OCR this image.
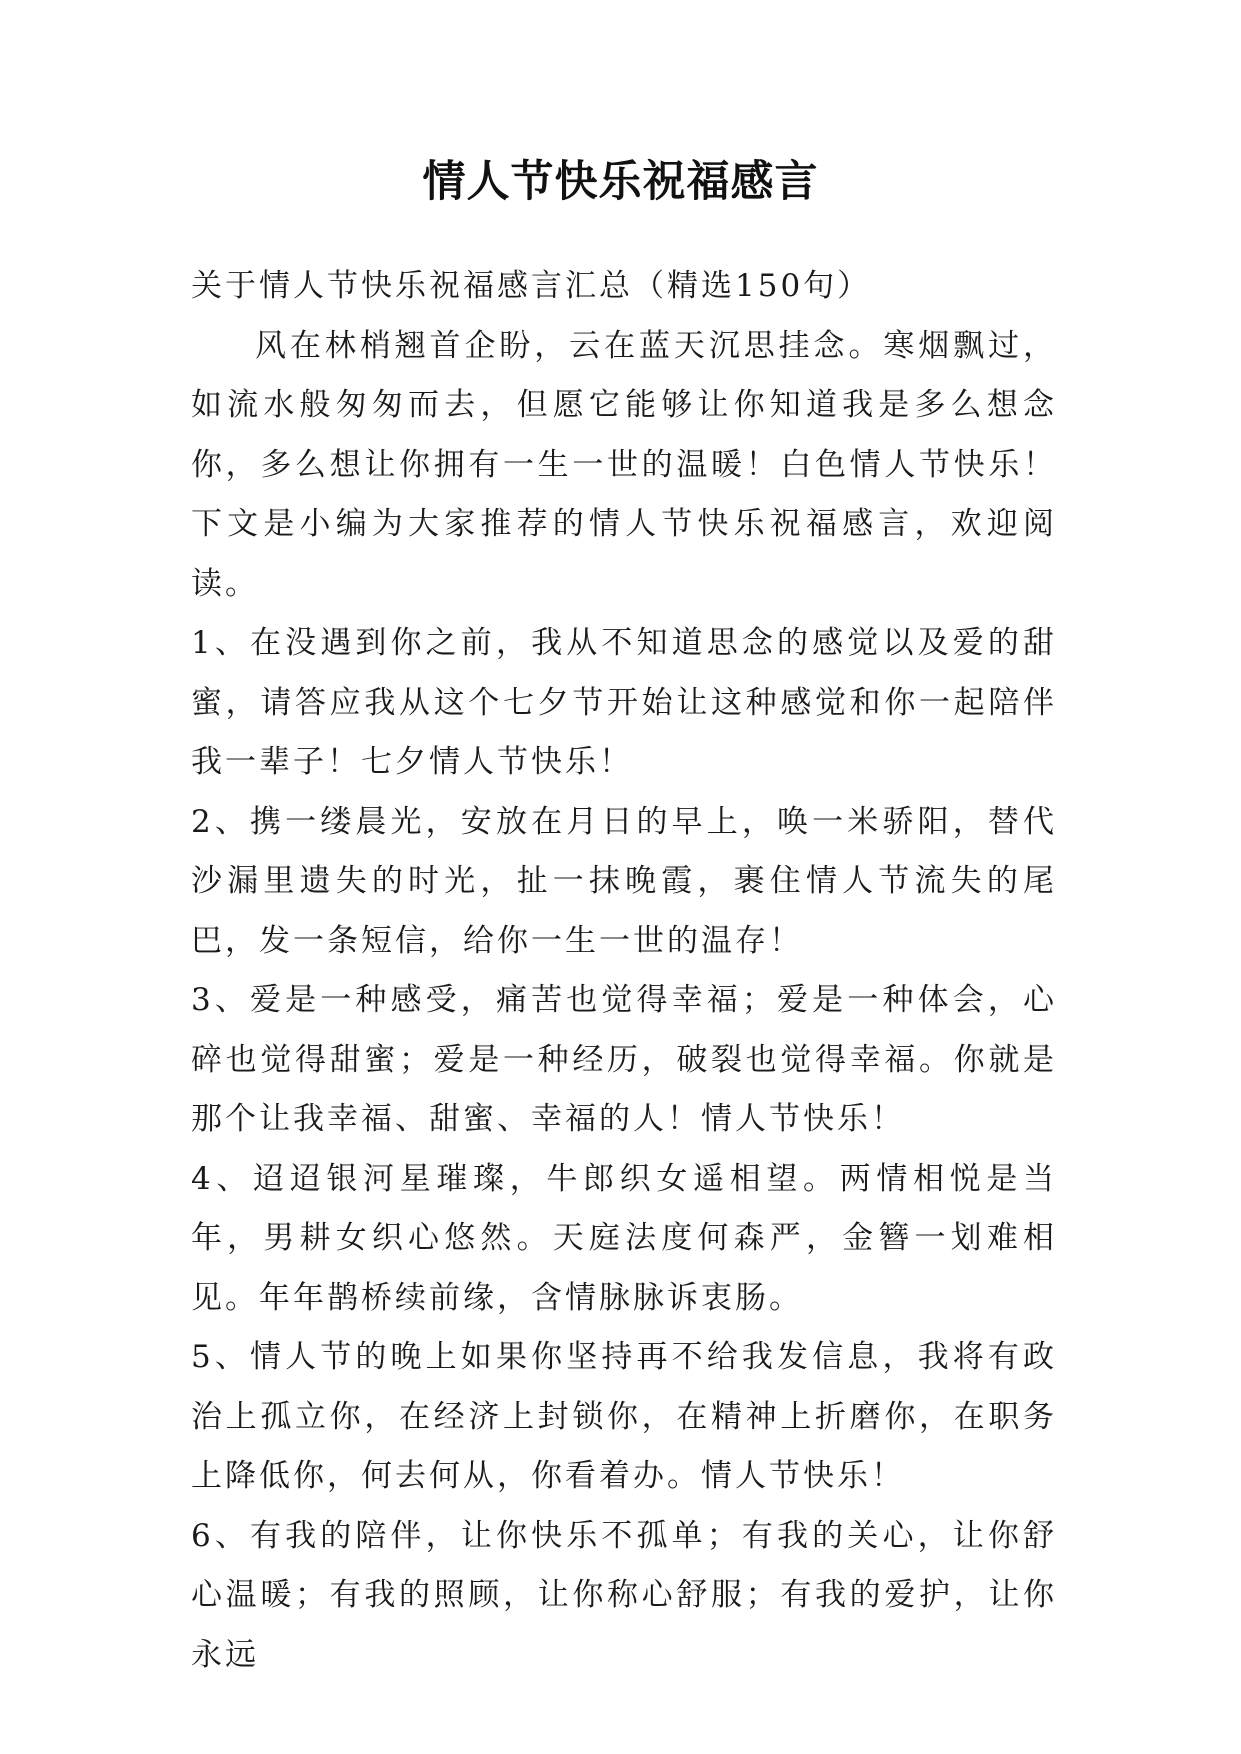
情人节快乐祝福感言

关于情人节快乐祝福感言汇总（精选150句）

风在林梢翘首企盼，云在蓝天沉思挂念。寒烟飘过，如流水般匆匆而去，但愿它能够让你知道我是多么想念你，多么想让你拥有一生一世的温暖！白色情人节快乐！下文是小编为大家推荐的情人节快乐祝福感言，欢迎阅读。

1、在没遇到你之前，我从不知道思念的感觉以及爱的甜蜜，请答应我从这个七夕节开始让这种感觉和你一起陪伴我一辈子！七夕情人节快乐！

2、携一缕晨光，安放在月日的早上，唤一米骄阳，替代沙漏里遗失的时光，扯一抹晚霞，裹住情人节流失的尾巴，发一条短信，给你一生一世的温存！

3、爱是一种感受，痛苦也觉得幸福；爱是一种体会，心碎也觉得甜蜜；爱是一种经历，破裂也觉得幸福。你就是那个让我幸福、甜蜜、幸福的人！情人节快乐！

4、迢迢银河星璀璨，牛郎织女遥相望。两情相悦是当年，男耕女织心悠然。天庭法度何森严，金簪一划难相见。年年鹊桥续前缘，含情脉脉诉衷肠。

5、情人节的晚上如果你坚持再不给我发信息，我将有政治上孤立你，在经济上封锁你，在精神上折磨你，在职务上降低你，何去何从，你看着办。情人节快乐！

6、有我的陪伴，让你快乐不孤单；有我的关心，让你舒心温暖；有我的照顾，让你称心舒服；有我的爱护，让你永远
